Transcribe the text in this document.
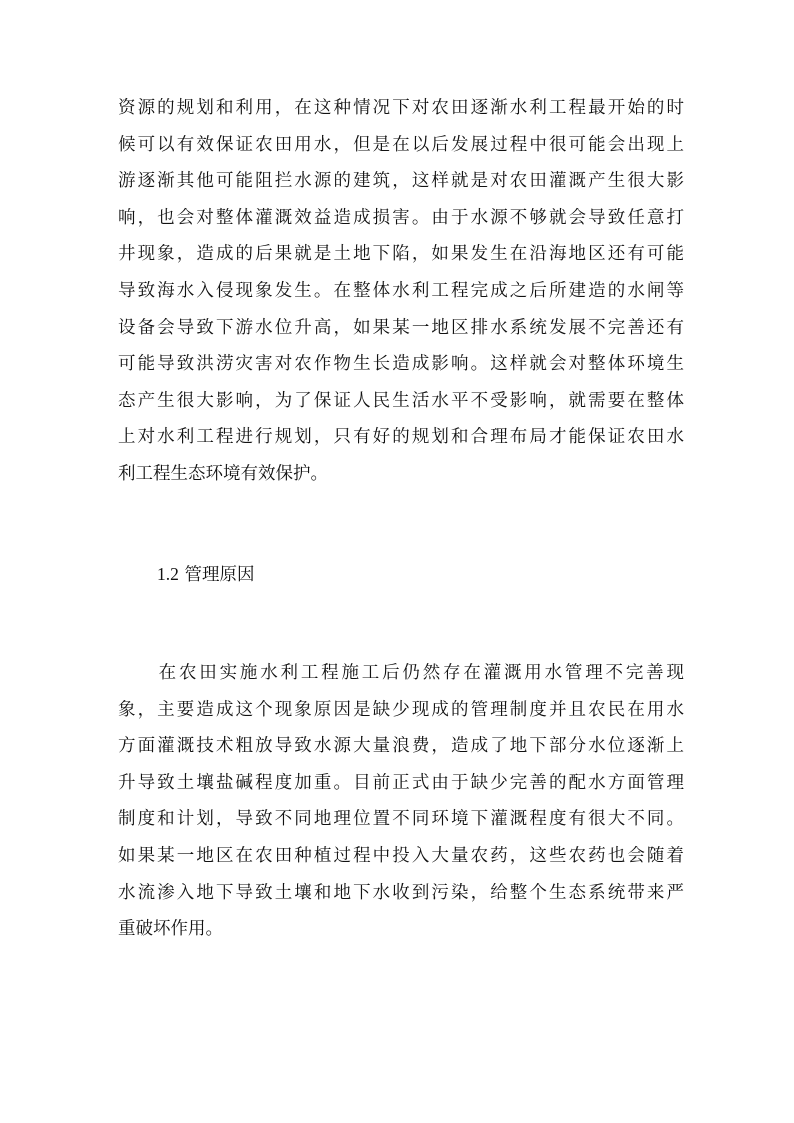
资源的规划和利用，在这种情况下对农田逐渐水利工程最开始的时
候可以有效保证农田用水，但是在以后发展过程中很可能会出现上
游逐渐其他可能阻拦水源的建筑，这样就是对农田灌溉产生很大影
响，也会对整体灌溉效益造成损害。由于水源不够就会导致任意打
井现象，造成的后果就是土地下陷，如果发生在沿海地区还有可能
导致海水入侵现象发生。在整体水利工程完成之后所建造的水闸等
设备会导致下游水位升高，如果某一地区排水系统发展不完善还有
可能导致洪涝灾害对农作物生长造成影响。这样就会对整体环境生
态产生很大影响，为了保证人民生活水平不受影响，就需要在整体
上对水利工程进行规划，只有好的规划和合理布局才能保证农田水
利工程生态环境有效保护。
1.2 管理原因
　　在农田实施水利工程施工后仍然存在灌溉用水管理不完善现
象，主要造成这个现象原因是缺少现成的管理制度并且农民在用水
方面灌溉技术粗放导致水源大量浪费，造成了地下部分水位逐渐上
升导致土壤盐碱程度加重。目前正式由于缺少完善的配水方面管理
制度和计划，导致不同地理位置不同环境下灌溉程度有很大不同。
如果某一地区在农田种植过程中投入大量农药，这些农药也会随着
水流渗入地下导致土壤和地下水收到污染，给整个生态系统带来严
重破坏作用。
